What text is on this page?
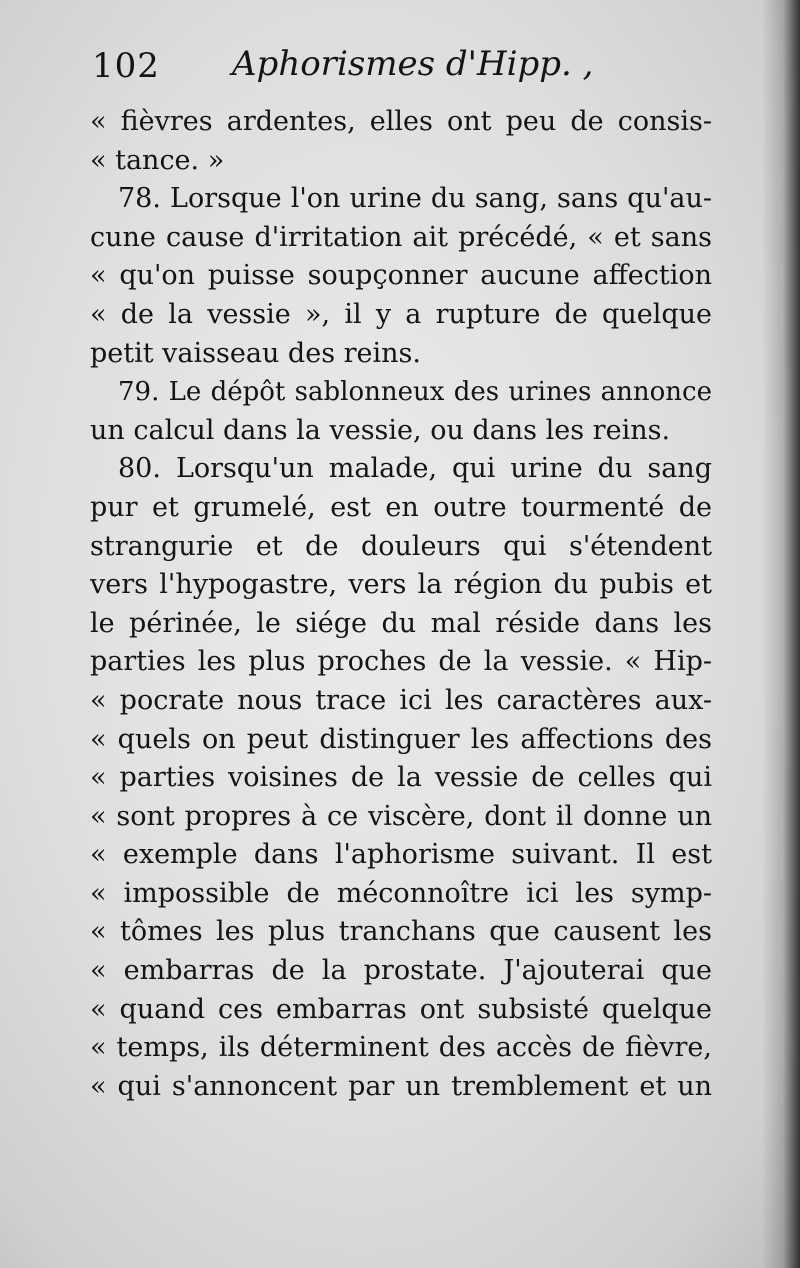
102 Aphorismes d'Hipp. ,
« fièvres ardentes, elles ont peu de consis-
« tance. »
78. Lorsque l'on urine du sang, sans qu'au-
cune cause d'irritation ait précédé, « et sans
« qu'on puisse soupçonner aucune affection
« de la vessie », il y a rupture de quelque
petit vaisseau des reins.
79. Le dépôt sablonneux des urines annonce
un calcul dans la vessie, ou dans les reins.
80. Lorsqu'un malade, qui urine du sang
pur et grumelé, est en outre tourmenté de
strangurie et de douleurs qui s'étendent
vers l'hypogastre, vers la région du pubis et
le périnée, le siége du mal réside dans les
parties les plus proches de la vessie. « Hip-
« pocrate nous trace ici les caractères aux-
« quels on peut distinguer les affections des
« parties voisines de la vessie de celles qui
« sont propres à ce viscère, dont il donne un
« exemple dans l'aphorisme suivant. Il est
« impossible de méconnoître ici les symp-
« tômes les plus tranchans que causent les
« embarras de la prostate. J'ajouterai que
« quand ces embarras ont subsisté quelque
« temps, ils déterminent des accès de fièvre,
« qui s'annoncent par un tremblement et un
